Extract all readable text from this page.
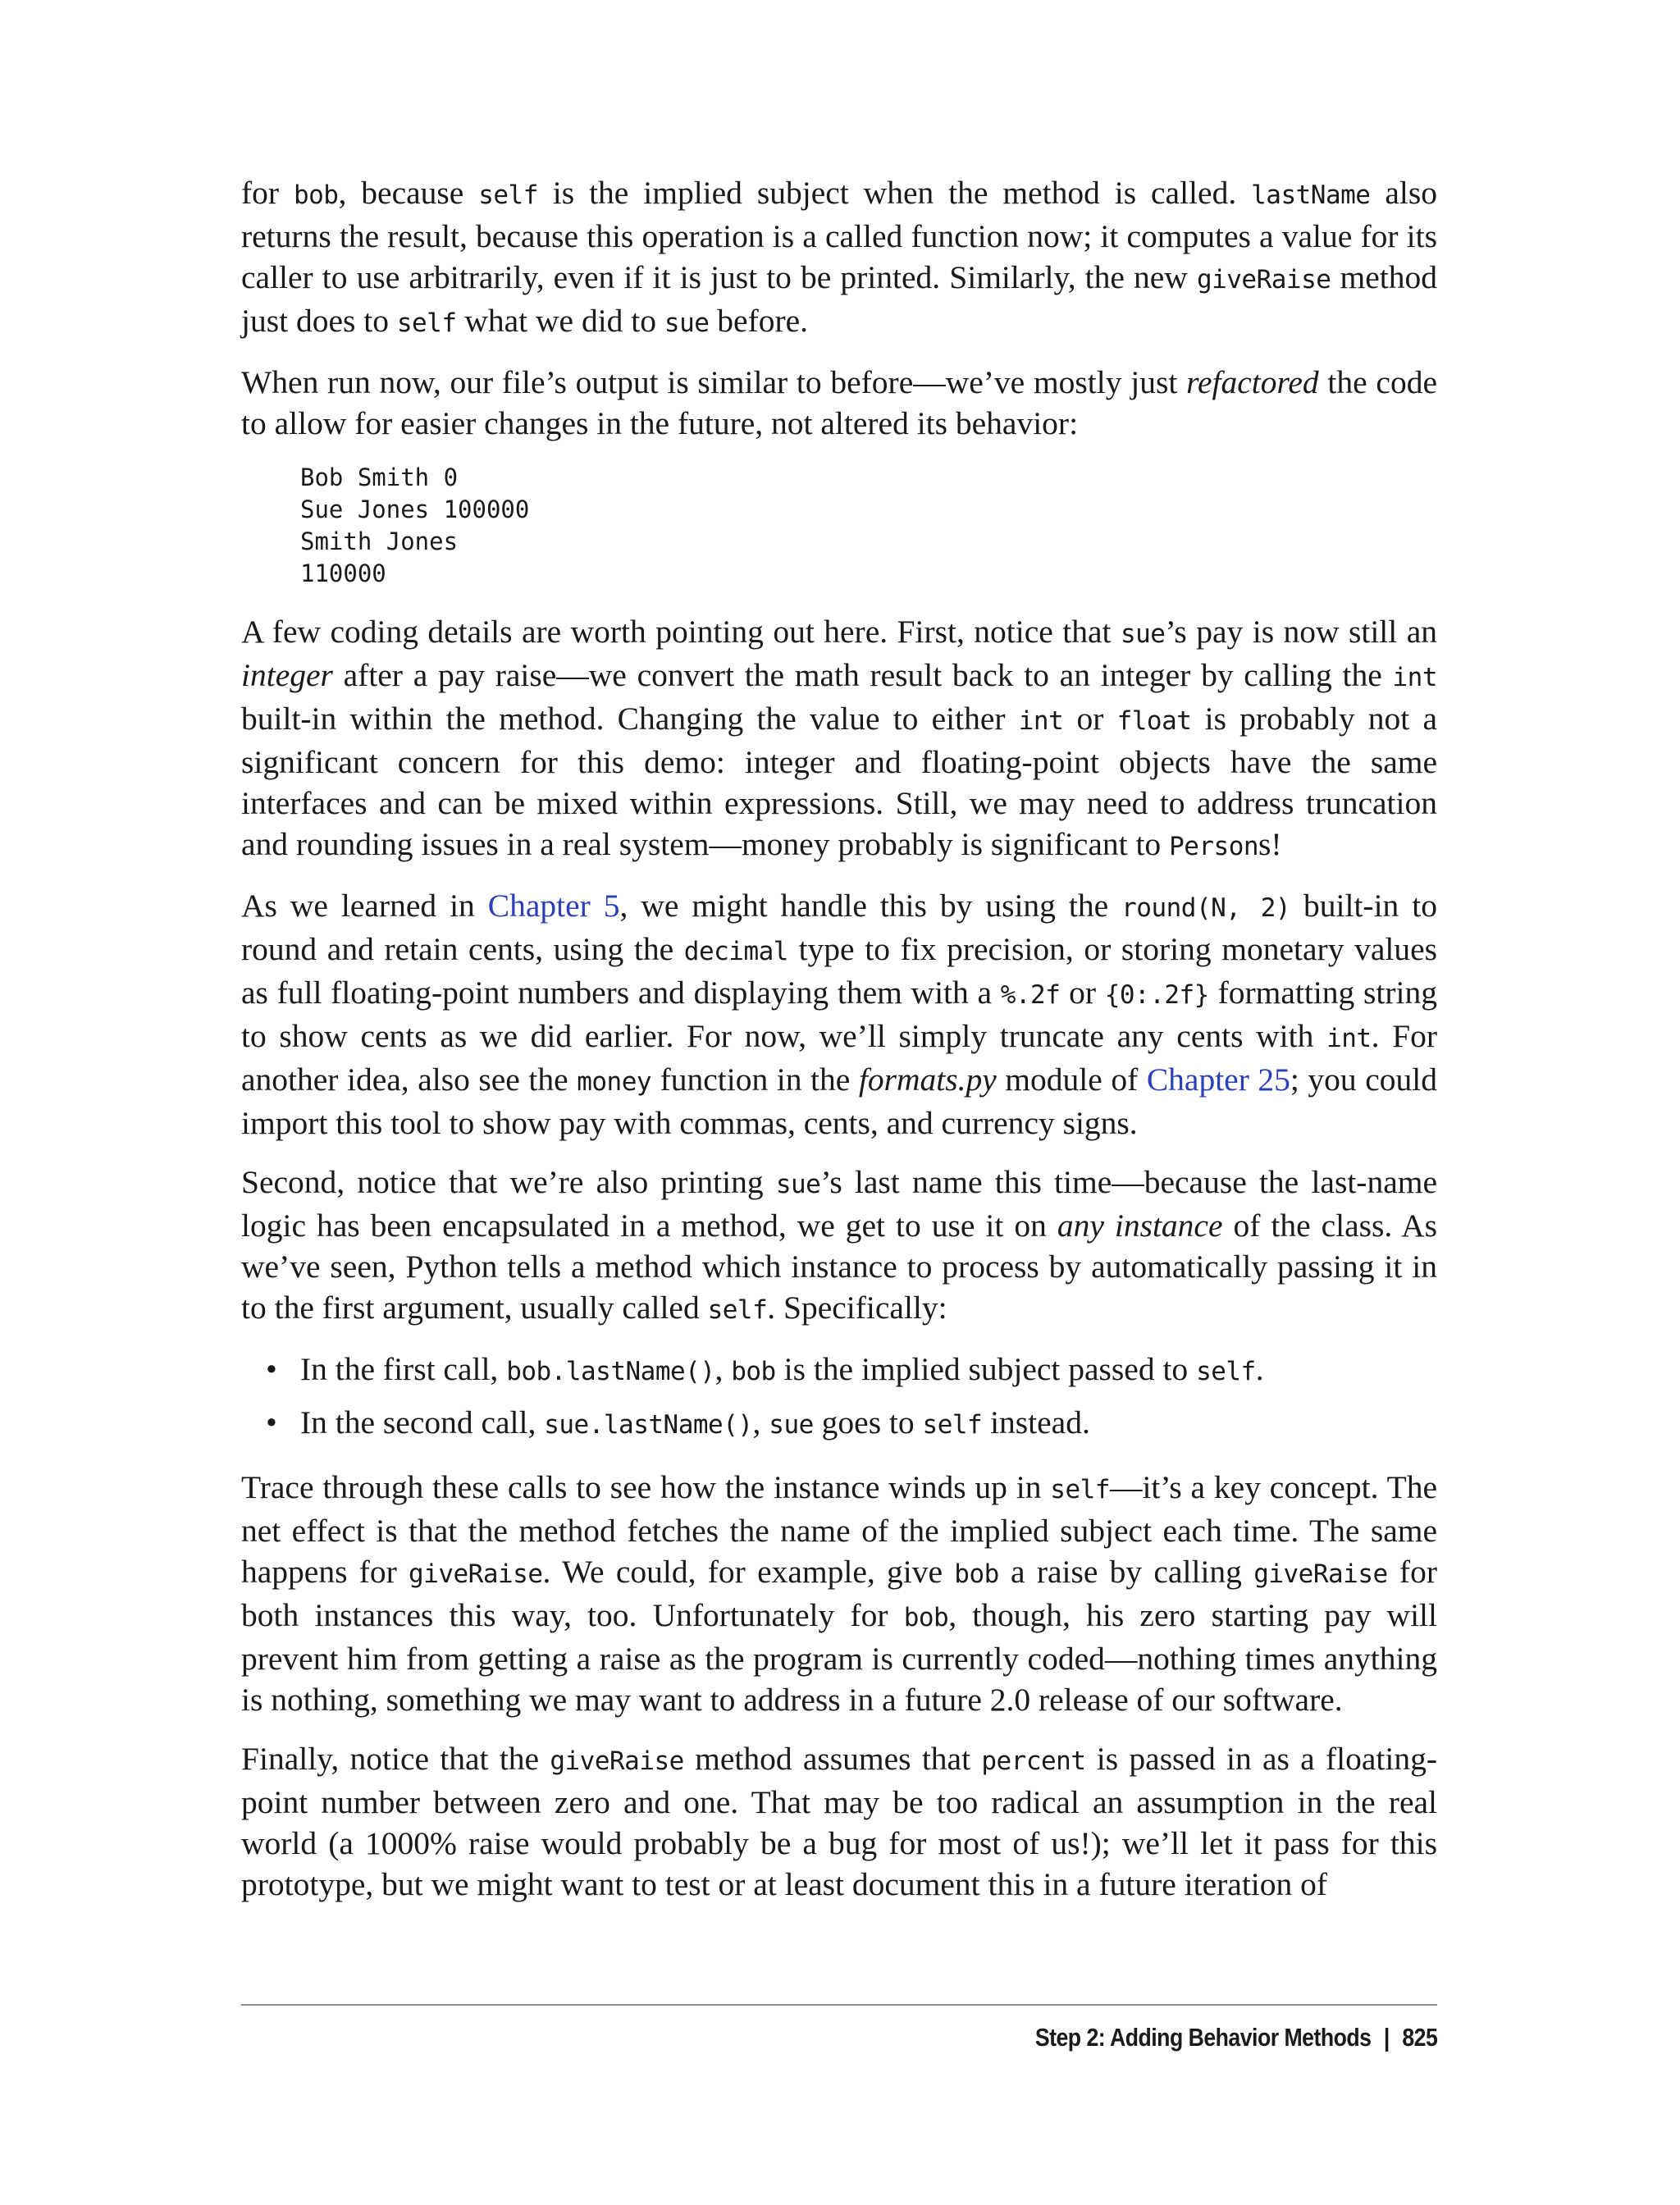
for bob, because self is the implied subject when the method is called. lastName also returns the result, because this operation is a called function now; it computes a value for its caller to use arbitrarily, even if it is just to be printed. Similarly, the new giveRaise method just does to self what we did to sue before.

When run now, our file’s output is similar to before—we’ve mostly just refactored the code to allow for easier changes in the future, not altered its behavior:

Bob Smith 0
Sue Jones 100000
Smith Jones
110000

A few coding details are worth pointing out here. First, notice that sue’s pay is now still an integer after a pay raise—we convert the math result back to an integer by calling the int built-in within the method. Changing the value to either int or float is probably not a significant concern for this demo: integer and floating-point objects have the same interfaces and can be mixed within expressions. Still, we may need to address truncation and rounding issues in a real system—money probably is significant to Persons!

As we learned in Chapter 5, we might handle this by using the round(N, 2) built-in to round and retain cents, using the decimal type to fix precision, or storing monetary values as full floating-point numbers and displaying them with a %.2f or {0:.2f} formatting string to show cents as we did earlier. For now, we’ll simply truncate any cents with int. For another idea, also see the money function in the formats.py module of Chapter 25; you could import this tool to show pay with commas, cents, and currency signs.

Second, notice that we’re also printing sue’s last name this time—because the last-name logic has been encapsulated in a method, we get to use it on any instance of the class. As we’ve seen, Python tells a method which instance to process by automatically passing it in to the first argument, usually called self. Specifically:

• In the first call, bob.lastName(), bob is the implied subject passed to self.
• In the second call, sue.lastName(), sue goes to self instead.

Trace through these calls to see how the instance winds up in self—it’s a key concept. The net effect is that the method fetches the name of the implied subject each time. The same happens for giveRaise. We could, for example, give bob a raise by calling giveRaise for both instances this way, too. Unfortunately for bob, though, his zero starting pay will prevent him from getting a raise as the program is currently coded—nothing times anything is nothing, something we may want to address in a future 2.0 release of our software.

Finally, notice that the giveRaise method assumes that percent is passed in as a floating-point number between zero and one. That may be too radical an assumption in the real world (a 1000% raise would probably be a bug for most of us!); we’ll let it pass for this prototype, but we might want to test or at least document this in a future iteration of

Step 2: Adding Behavior Methods | 825
